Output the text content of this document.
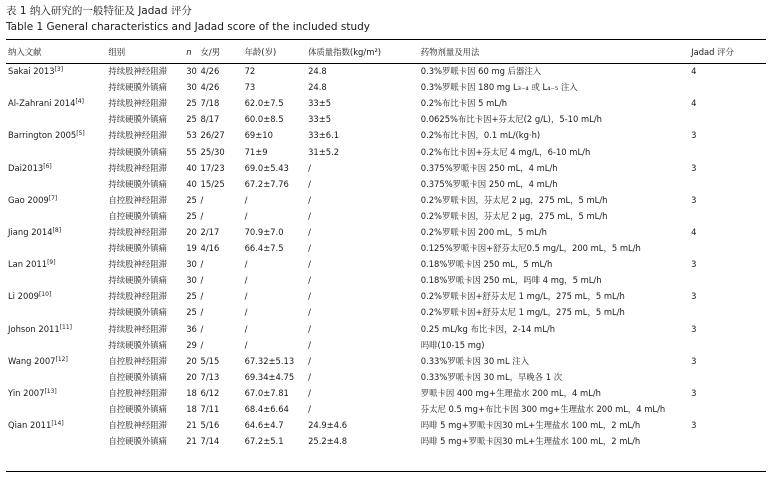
表 1 纳入研究的一般特征及 Jadad 评分
Table 1 General characteristics and Jadad score of the included study
纳入文献	组别	n	女/男	年龄(岁)	体质量指数(kg/m²)	药物剂量及用法	Jadad 评分
Sakai 2013[3]	持续股神经阻滞	30	4/26	72	24.8	0.3%罗哌卡因 60 mg 后器注入	4
	持续硬膜外镇痛	30	4/26	73	24.8	0.3%罗哌卡因 180 mg L₃₋₄ 或 L₄₋₅ 注入	
Al-Zahrani 2014[4]	持续股神经阻滞	25	7/18	62.0±7.5	33±5	0.2%布比卡因 5 mL/h	4
	持续硬膜外镇痛	25	8/17	60.0±8.5	33±5	0.0625%布比卡因+芬太尼(2 g/L)，5-10 mL/h	
Barrington 2005[5]	持续股神经阻滞	53	26/27	69±10	33±6.1	0.2%布比卡因，0.1 mL/(kg·h)	3
	持续硬膜外镇痛	55	25/30	71±9	31±5.2	0.2%布比卡因+芬太尼 4 mg/L，6-10 mL/h	
Dai2013[6]	持续股神经阻滞	40	17/23	69.0±5.43	/	0.375%罗哌卡因 250 mL，4 mL/h	3
	持续硬膜外镇痛	40	15/25	67.2±7.76	/	0.375%罗哌卡因 250 mL，4 mL/h	
Gao 2009[7]	自控股神经阻滞	25	/	/	/	0.2%罗哌卡因，芬太尼 2 μg，275 mL，5 mL/h	3
	自控硬膜外镇痛	25	/	/	/	0.2%罗哌卡因，芬太尼 2 μg，275 mL，5 mL/h	
Jiang 2014[8]	持续股神经阻滞	20	2/17	70.9±7.0	/	0.2%罗哌卡因 200 mL，5 mL/h	4
	持续硬膜外镇痛	19	4/16	66.4±7.5	/	0.125%罗哌卡因+舒芬太尼0.5 mg/L，200 mL，5 mL/h	
Lan 2011[9]	持续股神经阻滞	30	/	/	/	0.18%罗哌卡因 250 mL，5 mL/h	3
	持续硬膜外镇痛	30	/	/	/	0.18%罗哌卡因 250 mL，吗啡 4 mg，5 mL/h	
Li 2009[10]	持续股神经阻滞	25	/	/	/	0.2%罗哌卡因+舒芬太尼 1 mg/L，275 mL，5 mL/h	3
	持续硬膜外镇痛	25	/	/	/	0.2%罗哌卡因+舒芬太尼 1 mg/L，275 mL，5 mL/h	
Johson 2011[11]	持续股神经阻滞	36	/	/	/	0.25 mL/kg 布比卡因，2-14 mL/h	3
	持续硬膜外镇痛	29	/	/	/	吗啡(10-15 mg)	
Wang 2007[12]	自控股神经阻滞	20	5/15	67.32±5.13	/	0.33%罗哌卡因 30 mL 注入	3
	自控硬膜外镇痛	20	7/13	69.34±4.75	/	0.33%罗哌卡因 30 mL，早晚各 1 次	
Yin 2007[13]	自控股神经阻滞	18	6/12	67.0±7.81	/	罗哌卡因 400 mg+生理盐水 200 mL，4 mL/h	3
	自控硬膜外镇痛	18	7/11	68.4±6.64	/	芬太尼 0.5 mg+布比卡因 300 mg+生理盐水 200 mL，4 mL/h	
Qian 2011[14]	自控股神经阻滞	21	5/16	64.6±4.7	24.9±4.6	吗啡 5 mg+罗哌卡因30 mL+生理盐水 100 mL，2 mL/h	3
	自控硬膜外镇痛	21	7/14	67.2±5.1	25.2±4.8	吗啡 5 mg+罗哌卡因30 mL+生理盐水 100 mL，2 mL/h	
